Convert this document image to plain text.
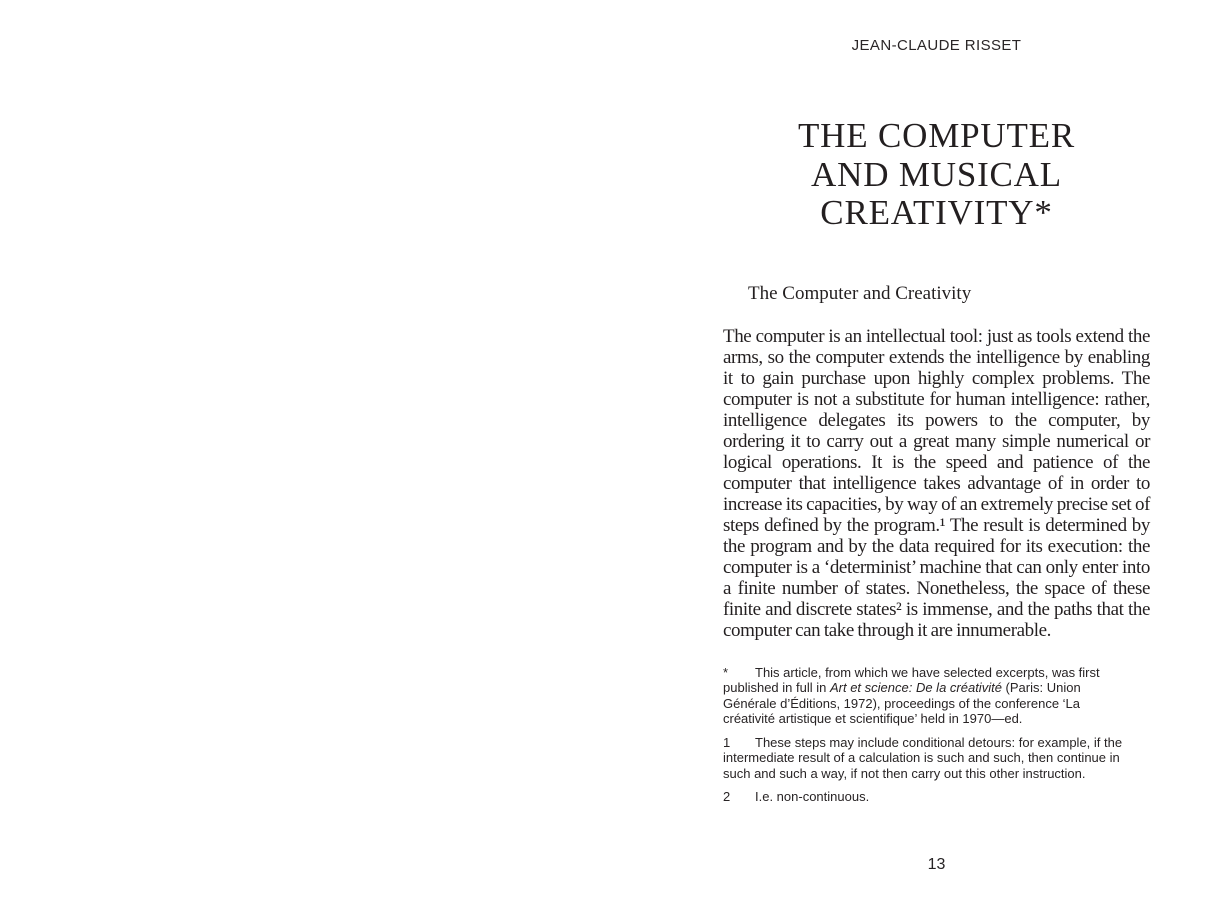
JEAN-CLAUDE RISSET
THE COMPUTER
AND MUSICAL
CREATIVITY*
The Computer and Creativity
The computer is an intellectual tool: just as tools extend the arms, so the computer extends the intelligence by enabling it to gain purchase upon highly complex problems. The computer is not a substitute for human intelligence: rather, intelligence delegates its powers to the computer, by ordering it to carry out a great many simple numerical or logical operations. It is the speed and patience of the computer that intelligence takes advantage of in order to increase its capacities, by way of an extremely precise set of steps defined by the program.¹ The result is determined by the program and by the data required for its execution: the computer is a ‘determinist’ machine that can only enter into a finite number of states. Nonetheless, the space of these finite and discrete states² is immense, and the paths that the computer can take through it are innumerable.

* This article, from which we have selected excerpts, was first published in full in Art et science: De la créativité (Paris: Union Générale d’Éditions, 1972), proceedings of the conference ‘La créativité artistique et scientifique’ held in 1970—ed.

1 These steps may include conditional detours: for example, if the intermediate result of a calculation is such and such, then continue in such and such a way, if not then carry out this other instruction.

2 I.e. non-continuous.

13
